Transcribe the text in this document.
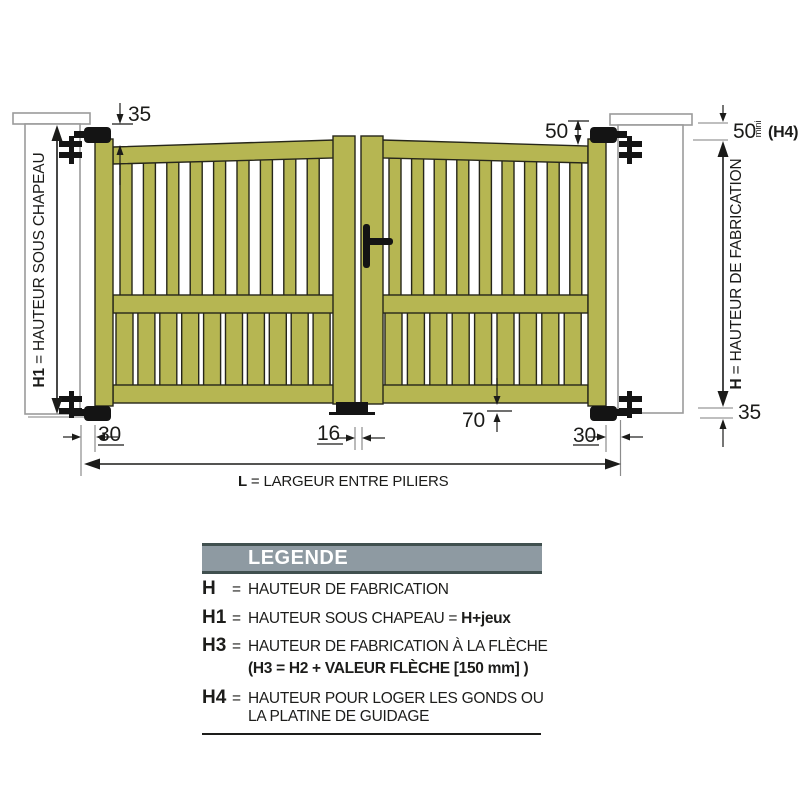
H1 = HAUTEUR SOUS CHAPEAU
35
50	50
mini (H4)
H = HAUTEUR DE FABRICATION
35
70
30	16	30
L = LARGEUR ENTRE PILIERS
LEGENDE
H = HAUTEUR DE FABRICATION
H1 = HAUTEUR SOUS CHAPEAU = H+jeux
H3 = HAUTEUR DE FABRICATION À LA FLÈCHE
(H3 = H2 + VALEUR FLÈCHE [150 mm] )
H4 = HAUTEUR POUR LOGER LES GONDS OU
LA PLATINE DE GUIDAGE
